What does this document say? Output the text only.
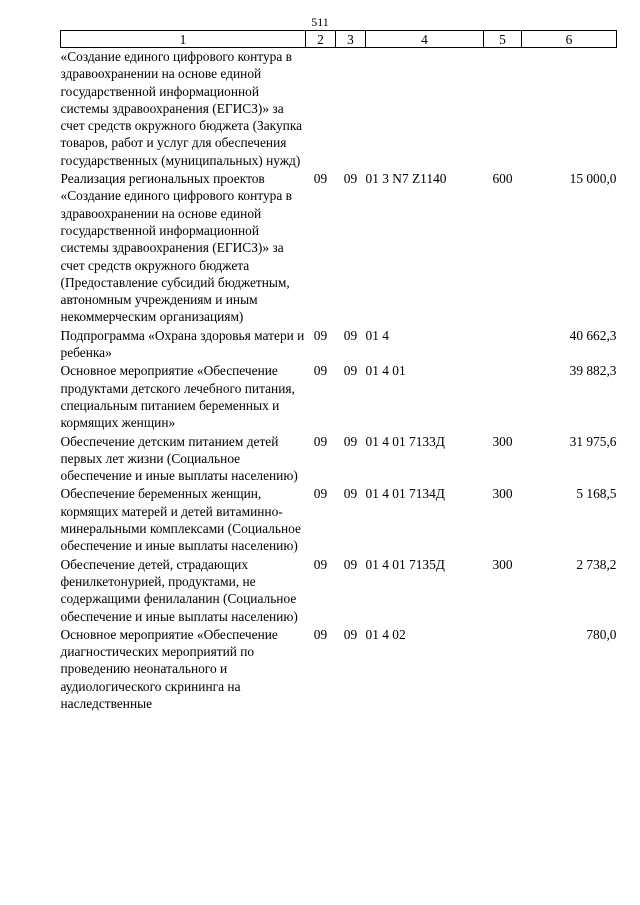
511
1	2	3	4	5	6
«Создание единого цифрового контура в здравоохранении на основе единой государственной информационной системы здравоохранения (ЕГИСЗ)» за счет средств окружного бюджета (Закупка товаров, работ и услуг для обеспечения государственных (муниципальных) нужд)					
Реализация региональных проектов «Создание единого цифрового контура в здравоохранении на основе единой государственной информационной системы здравоохранения (ЕГИСЗ)» за счет средств окружного бюджета (Предоставление субсидий бюджетным, автономным учреждениям и иным некоммерческим организациям)	09	09	01 3 N7 Z1140	600	15 000,0
Подпрограмма «Охрана здоровья матери и ребенка»	09	09	01 4		40 662,3
Основное мероприятие «Обеспечение продуктами детского лечебного питания, специальным питанием беременных и кормящих женщин»	09	09	01 4 01		39 882,3
Обеспечение детским питанием детей первых лет жизни (Социальное обеспечение и иные выплаты населению)	09	09	01 4 01 7133Д	300	31 975,6
Обеспечение беременных женщин, кормящих матерей и детей витаминно-минеральными комплексами (Социальное обеспечение и иные выплаты населению)	09	09	01 4 01 7134Д	300	5 168,5
Обеспечение детей, страдающих фенилкетонурией, продуктами, не содержащими фенилаланин (Социальное обеспечение и иные выплаты населению)	09	09	01 4 01 7135Д	300	2 738,2
Основное мероприятие «Обеспечение диагностических мероприятий по проведению неонатального и аудиологического скрининга на наследственные	09	09	01 4 02		780,0
